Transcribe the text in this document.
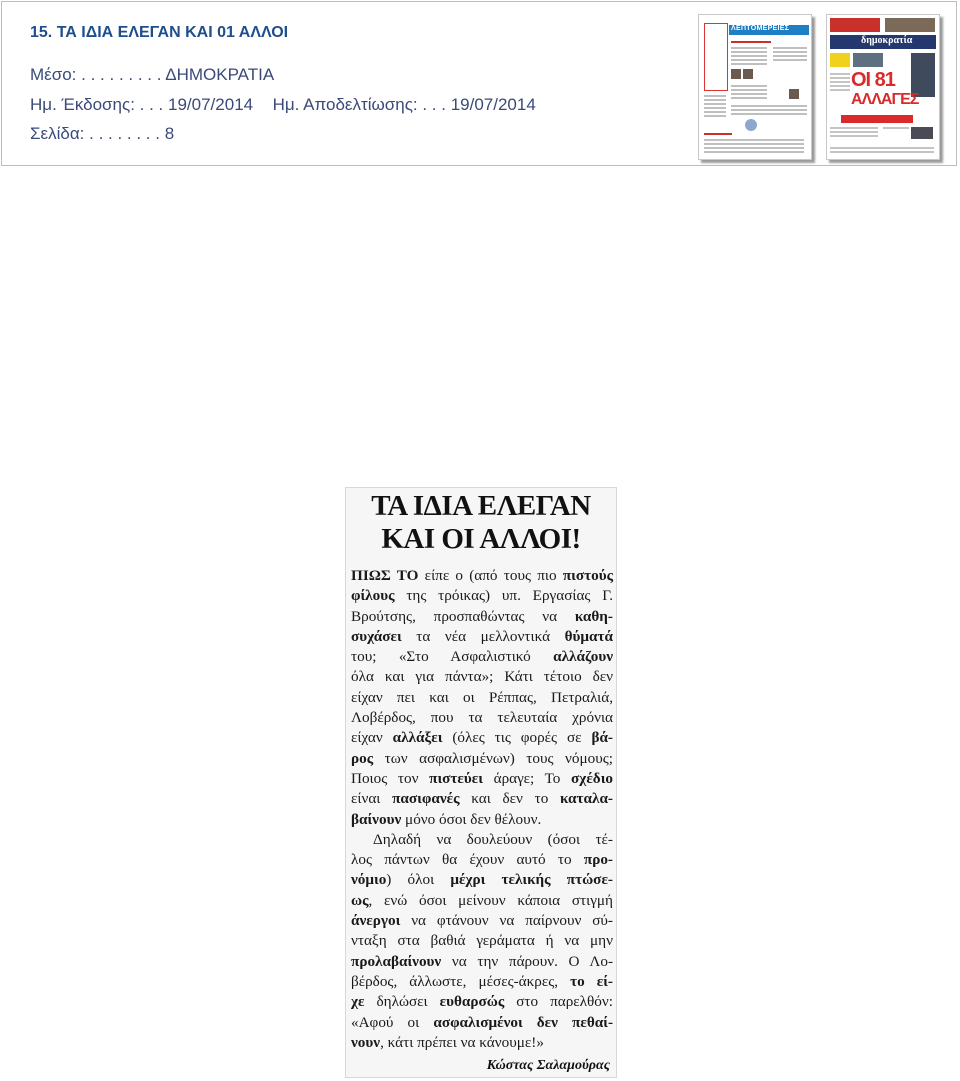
15. ΤΑ ΙΔΙΑ ΕΛΕΓΑΝ ΚΑΙ 01 ΑΛΛΟΙ
Μέσο: . . . . . . . . . ΔΗΜΟΚΡΑΤΙΑ
Ημ. Έκδοσης: . . . 19/07/2014 Ημ. Αποδελτίωσης: . . . 19/07/2014
Σελίδα: . . . . . . . . 8
ΛΕΠΤΟΜΕΡΕΙΕΣ
δημοκρατία
ΟΙ 81
ΑΛΛΑΓΕΣ
ΤΑ ΙΔΙΑ ΕΛΕΓΑΝ
ΚΑΙ ΟΙ ΑΛΛΟΙ!
ΠΙΩΣ ΤΟ είπε ο (από τους πιο πιστούς
φίλους της τρόικας) υπ. Εργασίας Γ.
Βρούτσης, προσπαθώντας να καθη-
συχάσει τα νέα μελλοντικά θύματά
του; «Στο Ασφαλιστικό αλλάζουν
όλα και για πάντα»; Κάτι τέτοιο δεν
είχαν πει και οι Ρέππας, Πετραλιά,
Λοβέρδος, που τα τελευταία χρόνια
είχαν αλλάξει (όλες τις φορές σε βά-
ρος των ασφαλισμένων) τους νόμους;
Ποιος τον πιστεύει άραγε; Το σχέδιο
είναι πασιφανές και δεν το καταλα-
βαίνουν μόνο όσοι δεν θέλουν.
Δηλαδή να δουλεύουν (όσοι τέ-
λος πάντων θα έχουν αυτό το προ-
νόμιο) όλοι μέχρι τελικής πτώσε-
ως, ενώ όσοι μείνουν κάποια στιγμή
άνεργοι να φτάνουν να παίρνουν σύ-
νταξη στα βαθιά γεράματα ή να μην
προλαβαίνουν να την πάρουν. Ο Λο-
βέρδος, άλλωστε, μέσες-άκρες, το εί-
χε δηλώσει ευθαρσώς στο παρελθόν:
«Αφού οι ασφαλισμένοι δεν πεθαί-
νουν, κάτι πρέπει να κάνουμε!»
Κώστας Σαλαμούρας
